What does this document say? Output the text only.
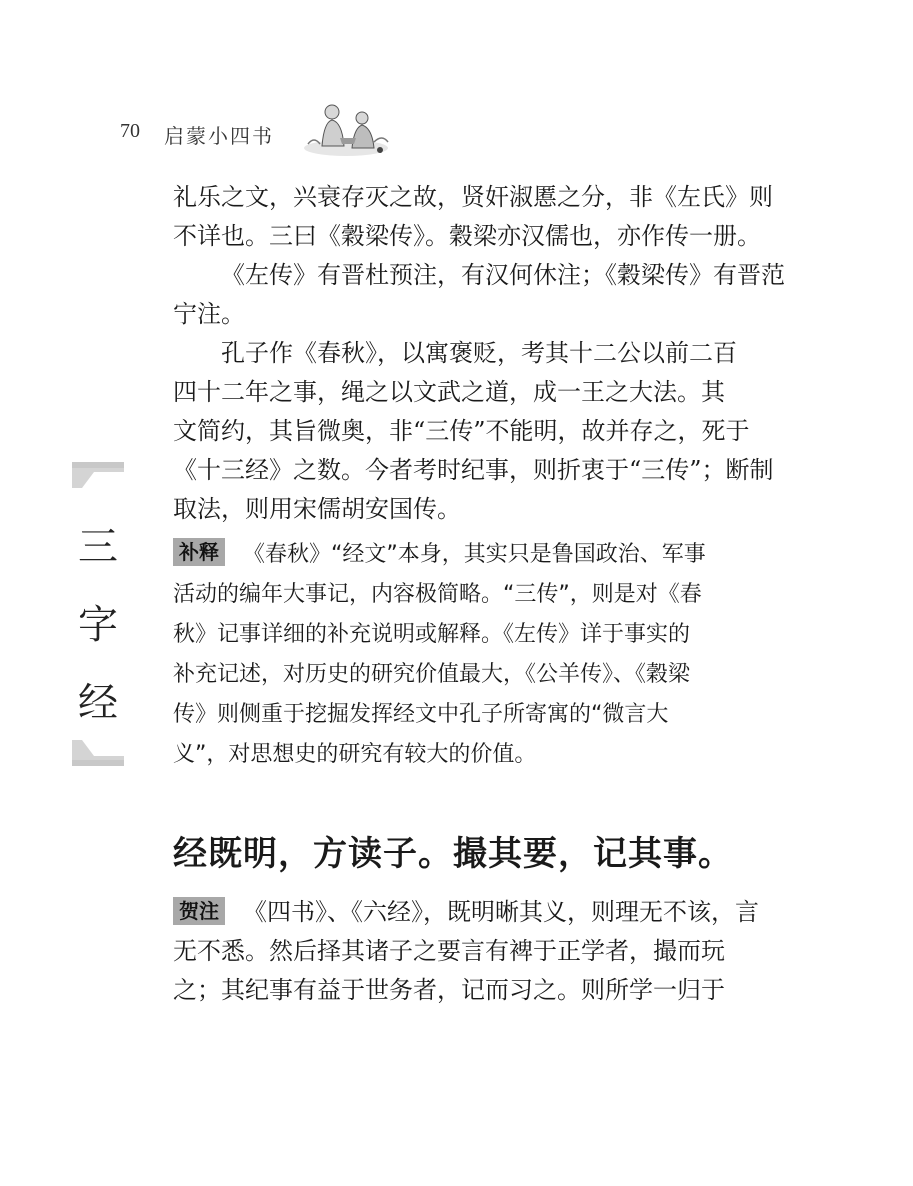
70 启蒙小四书
三
字
经

礼乐之文，兴衰存灭之故，贤奸淑慝之分，非《左氏》则

不详也。三曰《穀梁传》。穀梁亦汉儒也，亦作传一册。

《左传》有晋杜预注，有汉何休注；《穀梁传》有晋范

宁注。

孔子作《春秋》，以寓褒贬，考其十二公以前二百

四十二年之事，绳之以文武之道，成一王之大法。其

文简约，其旨微奥，非“三传”不能明，故并存之，死于

《十三经》之数。今者考时纪事，则折衷于“三传”；断制

取法，则用宋儒胡安国传。

补释 《春秋》“经文”本身，其实只是鲁国政治、军事

活动的编年大事记，内容极简略。“三传”，则是对《春

秋》记事详细的补充说明或解释。《左传》详于事实的

补充记述，对历史的研究价值最大，《公羊传》、《穀梁

传》则侧重于挖掘发挥经文中孔子所寄寓的“微言大

义”，对思想史的研究有较大的价值。

经既明，方读子。撮其要，记其事。

贺注 《四书》、《六经》，既明晰其义，则理无不该，言

无不悉。然后择其诸子之要言有裨于正学者，撮而玩

之；其纪事有益于世务者，记而习之。则所学一归于
